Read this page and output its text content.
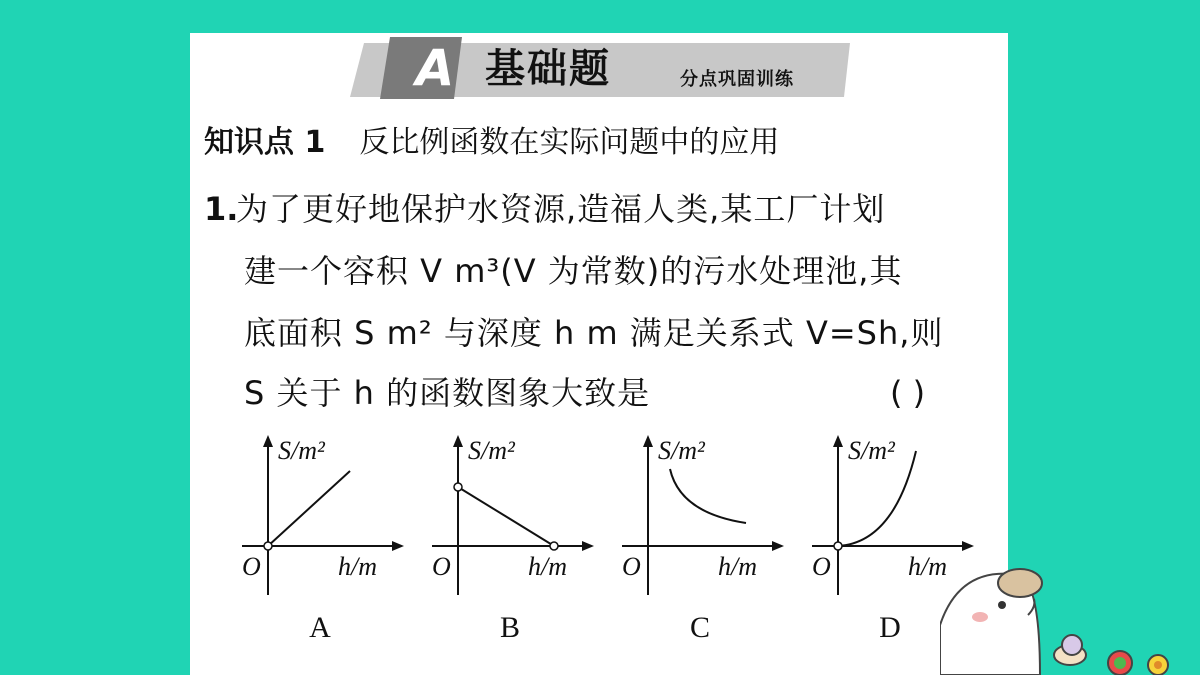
A 基础题	分点巩固训练
知识点 1 反比例函数在实际问题中的应用
1.
为了更好地保护水资源,造福人类,某工厂计划
建一个容积 V m³(V 为常数)的污水处理池,其
底面积 S m² 与深度 h m 满足关系式 V=Sh,则
S 关于 h 的函数图象大致是	( )
S/m²
O	h/m
S/m²
O	h/m
S/m²
O	h/m
S/m²
O	h/m
A	B	C	D
